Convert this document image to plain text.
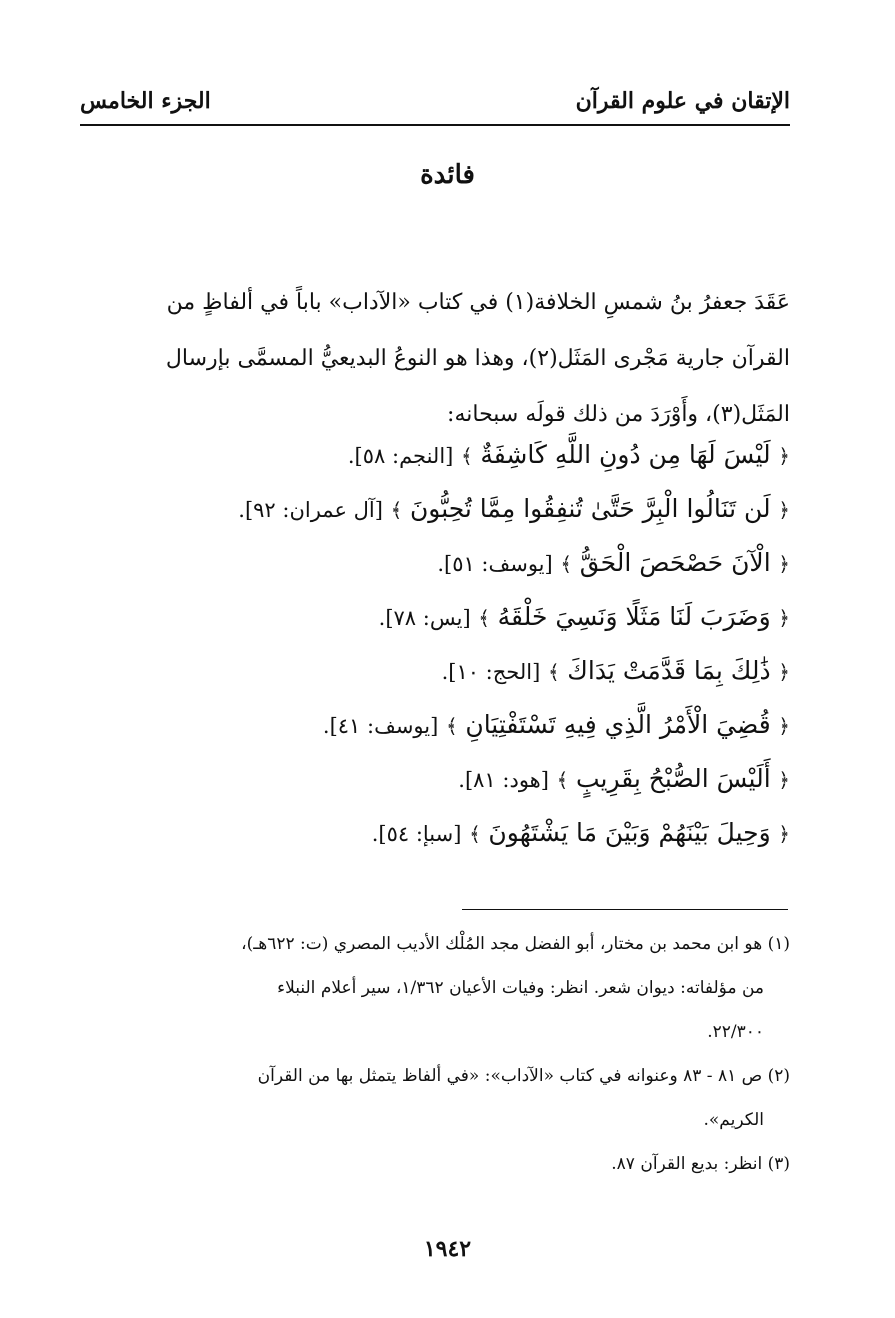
الإتقان في علوم القرآن
الجزء الخامس
فائدة
عَقَدَ جعفرُ بنُ شمسِ الخلافة(١) في كتاب «الآداب» باباً في ألفاظٍ من
القرآن جارية مَجْرى المَثَل(٢)، وهذا هو النوعُ البديعيُّ المسمَّى بإرسال
المَثَل(٣)، وأَوْرَدَ من ذلك قولَه سبحانه:
﴿ لَيْسَ لَهَا مِن دُونِ اللَّهِ كَاشِفَةٌ ﴾ [النجم: ٥٨].
﴿ لَن تَنَالُوا الْبِرَّ حَتَّىٰ تُنفِقُوا مِمَّا تُحِبُّونَ ﴾ [آل عمران: ٩٢].
﴿ الْآنَ حَصْحَصَ الْحَقُّ ﴾ [يوسف: ٥١].
﴿ وَضَرَبَ لَنَا مَثَلًا وَنَسِيَ خَلْقَهُ ﴾ [يس: ٧٨].
﴿ ذَٰلِكَ بِمَا قَدَّمَتْ يَدَاكَ ﴾ [الحج: ١٠].
﴿ قُضِيَ الْأَمْرُ الَّذِي فِيهِ تَسْتَفْتِيَانِ ﴾ [يوسف: ٤١].
﴿ أَلَيْسَ الصُّبْحُ بِقَرِيبٍ ﴾ [هود: ٨١].
﴿ وَحِيلَ بَيْنَهُمْ وَبَيْنَ مَا يَشْتَهُونَ ﴾ [سبإ: ٥٤].
(١) هو ابن محمد بن مختار، أبو الفضل مجد المُلْك الأديب المصري (ت: ٦٢٢هـ)،
من مؤلفاته: ديوان شعر. انظر: وفيات الأعيان ١/٣٦٢، سير أعلام النبلاء
٢٢/٣٠٠.
(٢) ص ٨١ - ٨٣ وعنوانه في كتاب «الآداب»: «في ألفاظ يتمثل بها من القرآن
الكريم».
(٣) انظر: بديع القرآن ٨٧.
١٩٤٢
